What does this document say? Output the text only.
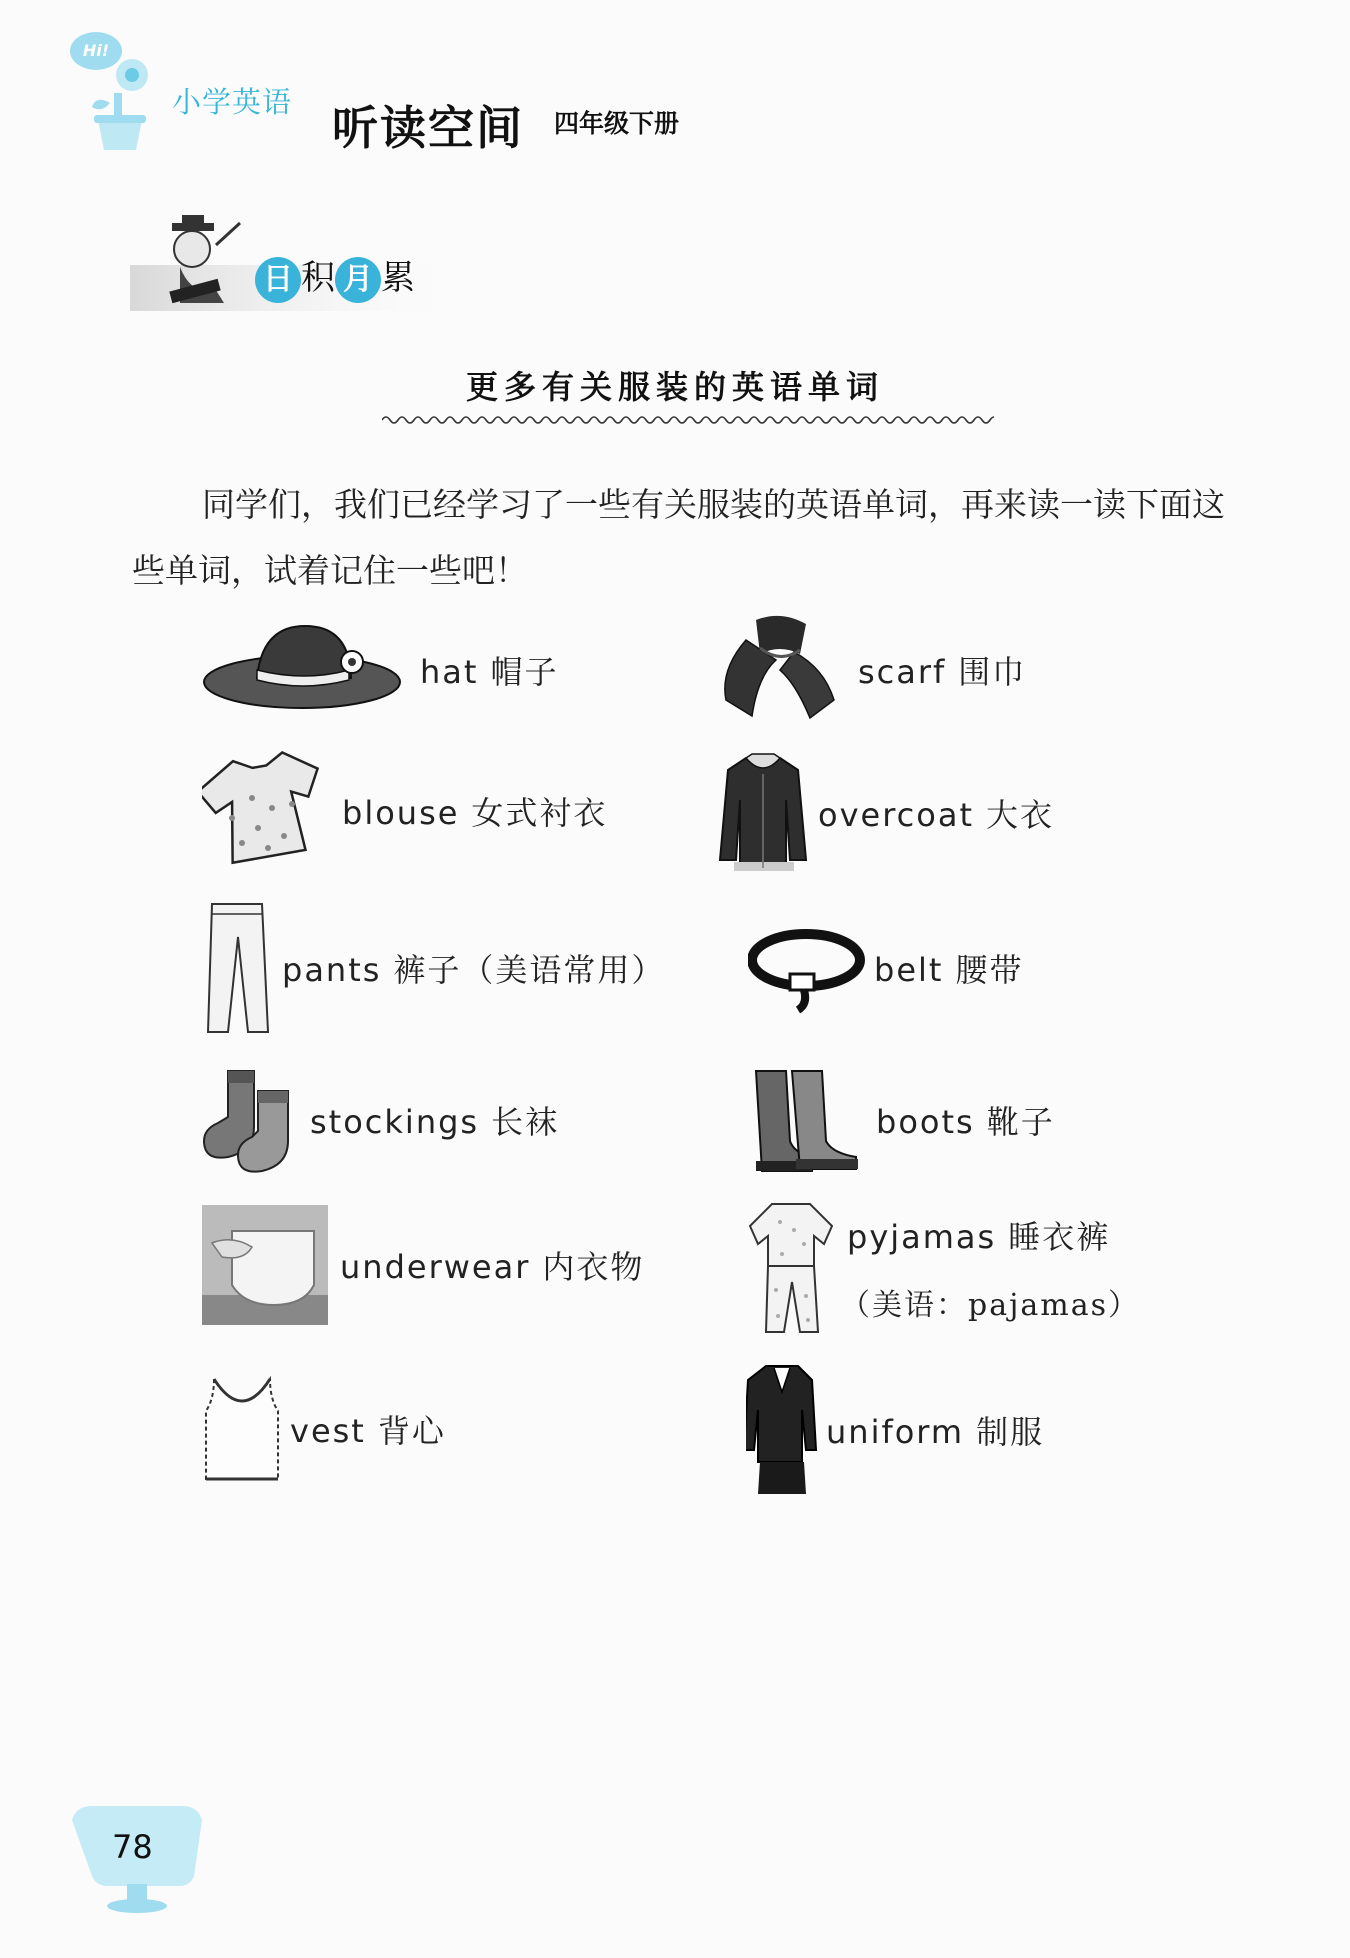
Hi!
小学英语 听读空间 四年级下册
日 积 月 累
更多有关服装的英语单词
同学们，我们已经学习了一些有关服装的英语单词，再来读一读下面这些单词，试着记住一些吧！
hat 帽子
blouse 女式衬衣
pants 裤子（美语常用）
stockings 长袜
underwear 内衣物
vest 背心
scarf 围巾
overcoat 大衣
belt 腰带
boots 靴子
pyjamas 睡衣裤
（美语：pajamas）
uniform 制服
78
